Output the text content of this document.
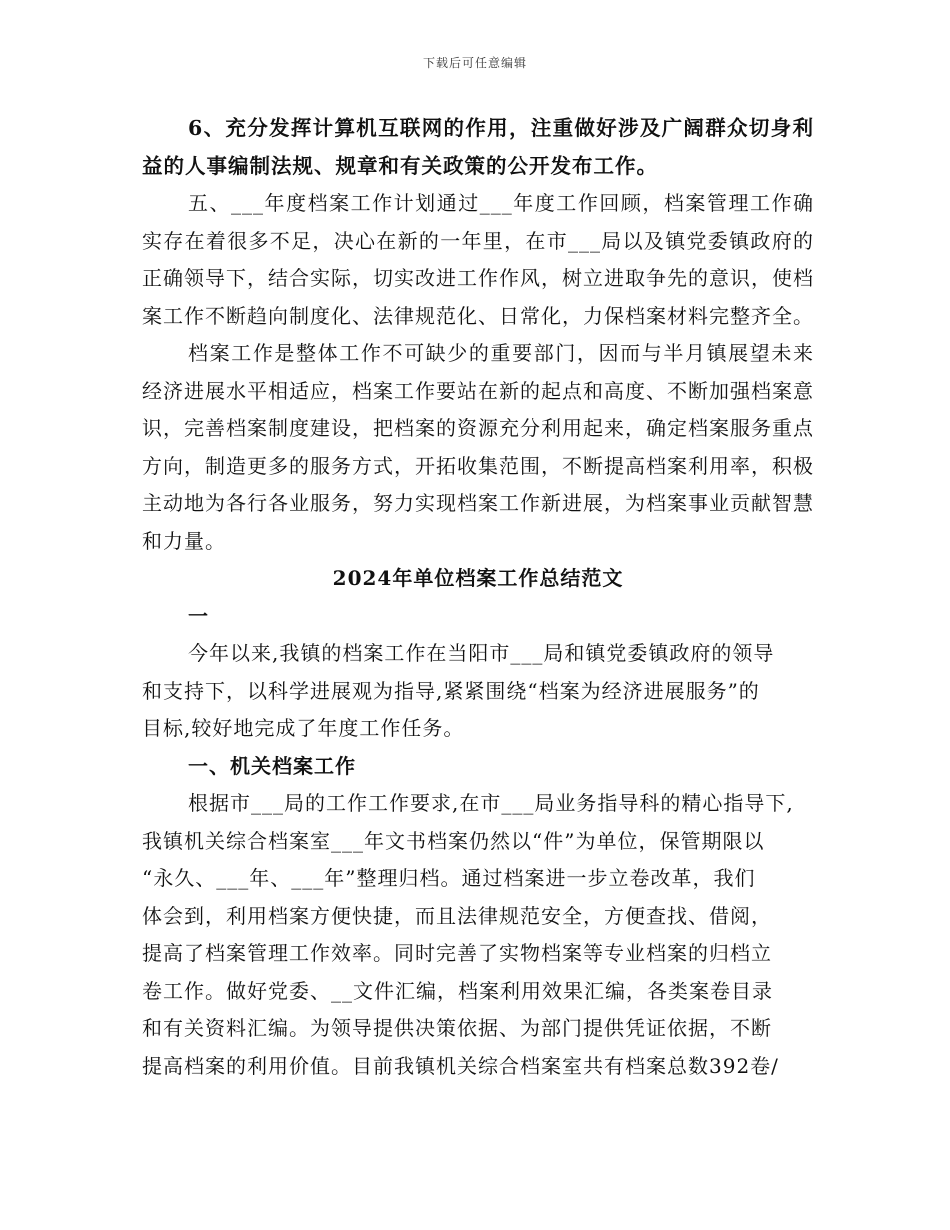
下载后可任意编辑

6、充分发挥计算机互联网的作用，注重做好涉及广阔群众切身利益的人事编制法规、规章和有关政策的公开发布工作。

五、___年度档案工作计划通过___年度工作回顾，档案管理工作确实存在着很多不足，决心在新的一年里，在市___局以及镇党委镇政府的正确领导下，结合实际，切实改进工作作风，树立进取争先的意识，使档案工作不断趋向制度化、法律规范化、日常化，力保档案材料完整齐全。

档案工作是整体工作不可缺少的重要部门，因而与半月镇展望未来经济进展水平相适应，档案工作要站在新的起点和高度、不断加强档案意识，完善档案制度建设，把档案的资源充分利用起来，确定档案服务重点方向，制造更多的服务方式，开拓收集范围，不断提高档案利用率，积极主动地为各行各业服务，努力实现档案工作新进展，为档案事业贡献智慧和力量。

2024年单位档案工作总结范文

一

今年以来,我镇的档案工作在当阳市___局和镇党委镇政府的领导

和支持下，以科学进展观为指导,紧紧围绕“档案为经济进展服务”的

目标,较好地完成了年度工作任务。

一、机关档案工作

根据市___局的工作工作要求,在市___局业务指导科的精心指导下,

我镇机关综合档案室___年文书档案仍然以“件”为单位，保管期限以

“永久、___年、___年”整理归档。通过档案进一步立卷改革，我们

体会到，利用档案方便快捷，而且法律规范安全，方便查找、借阅，

提高了档案管理工作效率。同时完善了实物档案等专业档案的归档立

卷工作。做好党委、__文件汇编，档案利用效果汇编，各类案卷目录

和有关资料汇编。为领导提供决策依据、为部门提供凭证依据，不断

提高档案的利用价值。目前我镇机关综合档案室共有档案总数392卷/
